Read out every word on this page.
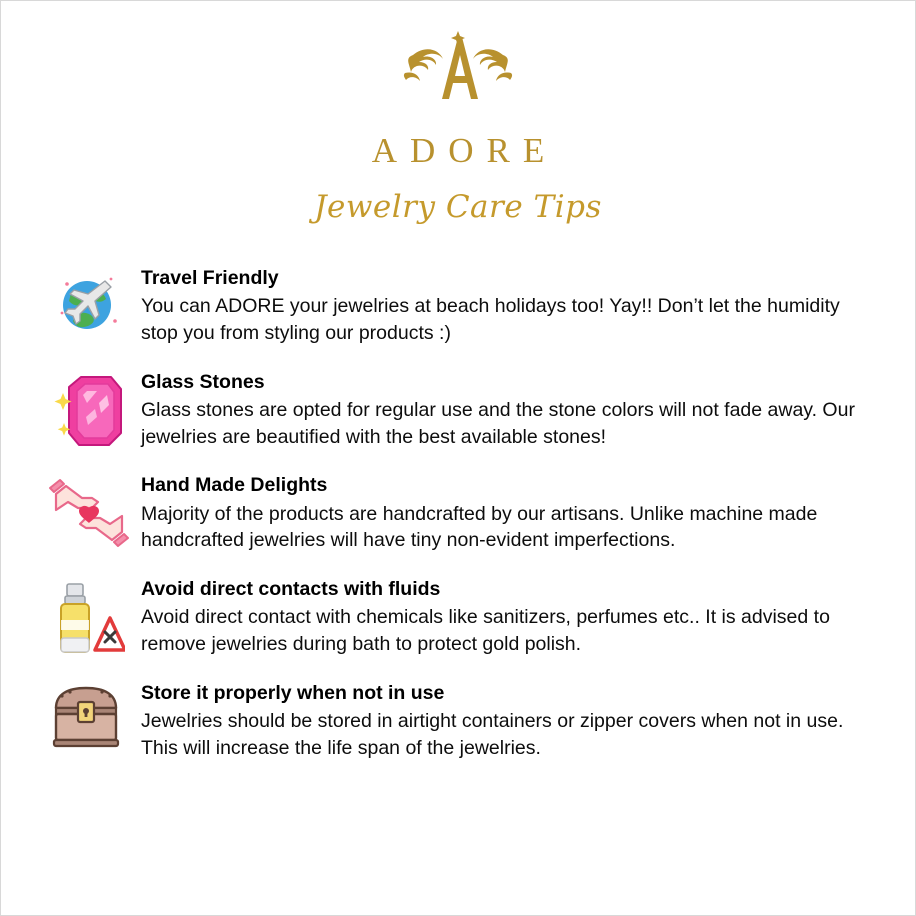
ADORE
Jewelry Care Tips

Travel Friendly

You can ADORE your jewelries at beach holidays too! Yay!! Don’t let the humidity stop you from styling our products :)

Glass Stones

Glass stones are opted for regular use and the stone colors will not fade away. Our jewelries are beautified with the best available stones!

Hand Made Delights

Majority of the products are handcrafted by our artisans. Unlike machine made handcrafted jewelries will have tiny non-evident imperfections.

Avoid direct contacts with fluids

Avoid direct contact with chemicals like sanitizers, perfumes etc.. It is advised to remove jewelries during bath to protect gold polish.

Store it properly when not in use

Jewelries should be stored in airtight containers or zipper covers when not in use. This will increase the life span of the jewelries.
